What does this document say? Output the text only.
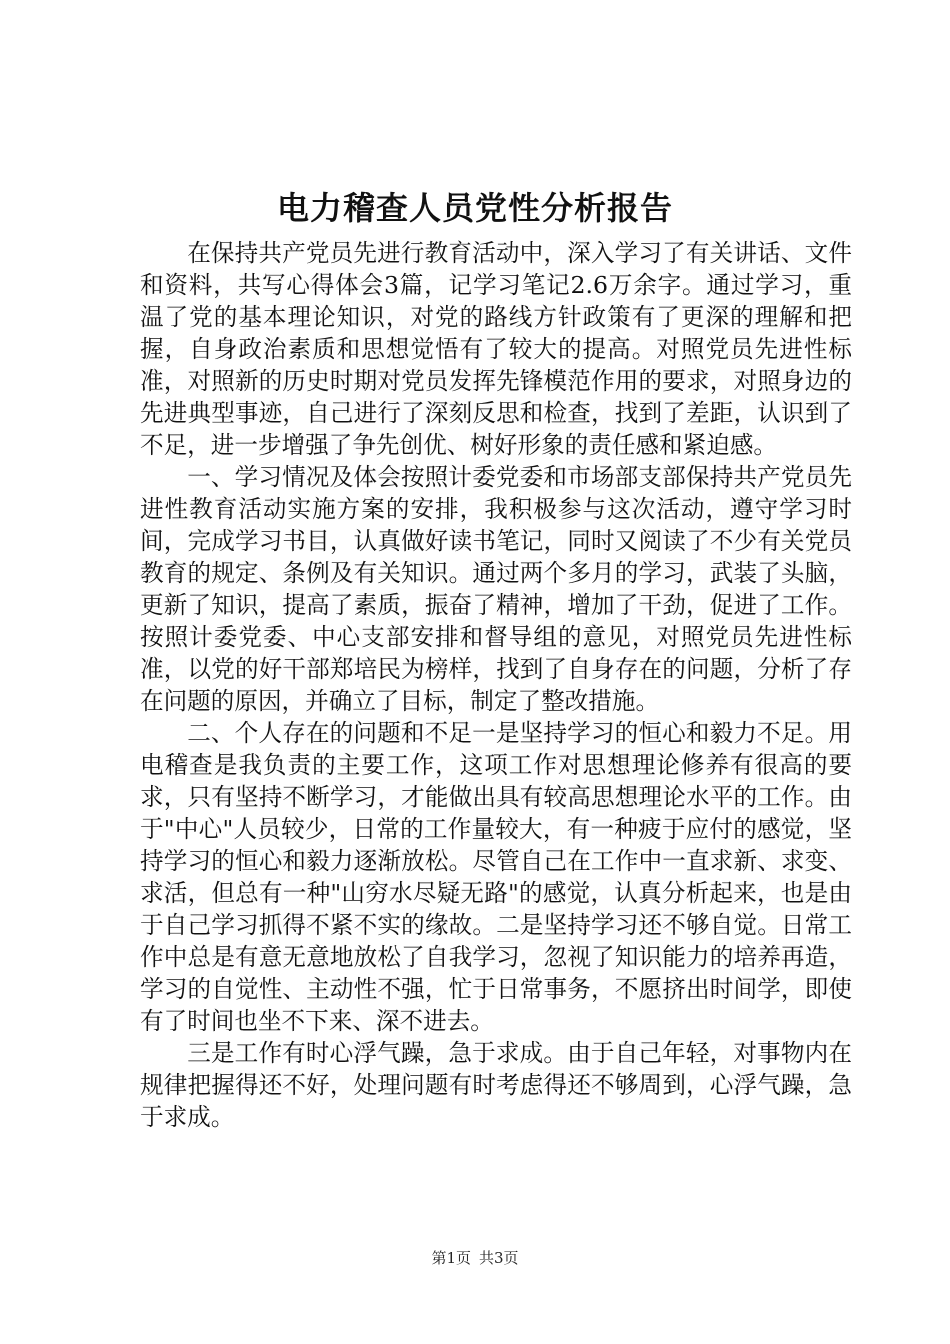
电力稽查人员党性分析报告

在保持共产党员先进行教育活动中，深入学习了有关讲话、文件和资料，共写心得体会3篇，记学习笔记2.6万余字。通过学习，重温了党的基本理论知识，对党的路线方针政策有了更深的理解和把握，自身政治素质和思想觉悟有了较大的提高。对照党员先进性标准，对照新的历史时期对党员发挥先锋模范作用的要求，对照身边的先进典型事迹，自己进行了深刻反思和检查，找到了差距，认识到了不足，进一步增强了争先创优、树好形象的责任感和紧迫感。

一、学习情况及体会按照计委党委和市场部支部保持共产党员先进性教育活动实施方案的安排，我积极参与这次活动，遵守学习时间，完成学习书目，认真做好读书笔记，同时又阅读了不少有关党员教育的规定、条例及有关知识。通过两个多月的学习，武装了头脑，更新了知识，提高了素质，振奋了精神，增加了干劲，促进了工作。按照计委党委、中心支部安排和督导组的意见，对照党员先进性标准，以党的好干部郑培民为榜样，找到了自身存在的问题，分析了存在问题的原因，并确立了目标，制定了整改措施。

二、个人存在的问题和不足一是坚持学习的恒心和毅力不足。用电稽查是我负责的主要工作，这项工作对思想理论修养有很高的要求，只有坚持不断学习，才能做出具有较高思想理论水平的工作。由于"中心"人员较少，日常的工作量较大，有一种疲于应付的感觉，坚持学习的恒心和毅力逐渐放松。尽管自己在工作中一直求新、求变、求活，但总有一种"山穷水尽疑无路"的感觉，认真分析起来，也是由于自己学习抓得不紧不实的缘故。二是坚持学习还不够自觉。日常工作中总是有意无意地放松了自我学习，忽视了知识能力的培养再造，学习的自觉性、主动性不强，忙于日常事务，不愿挤出时间学，即使有了时间也坐不下来、深不进去。

三是工作有时心浮气躁，急于求成。由于自己年轻，对事物内在规律把握得还不好，处理问题有时考虑得还不够周到，心浮气躁，急于求成。

第1页 共3页
